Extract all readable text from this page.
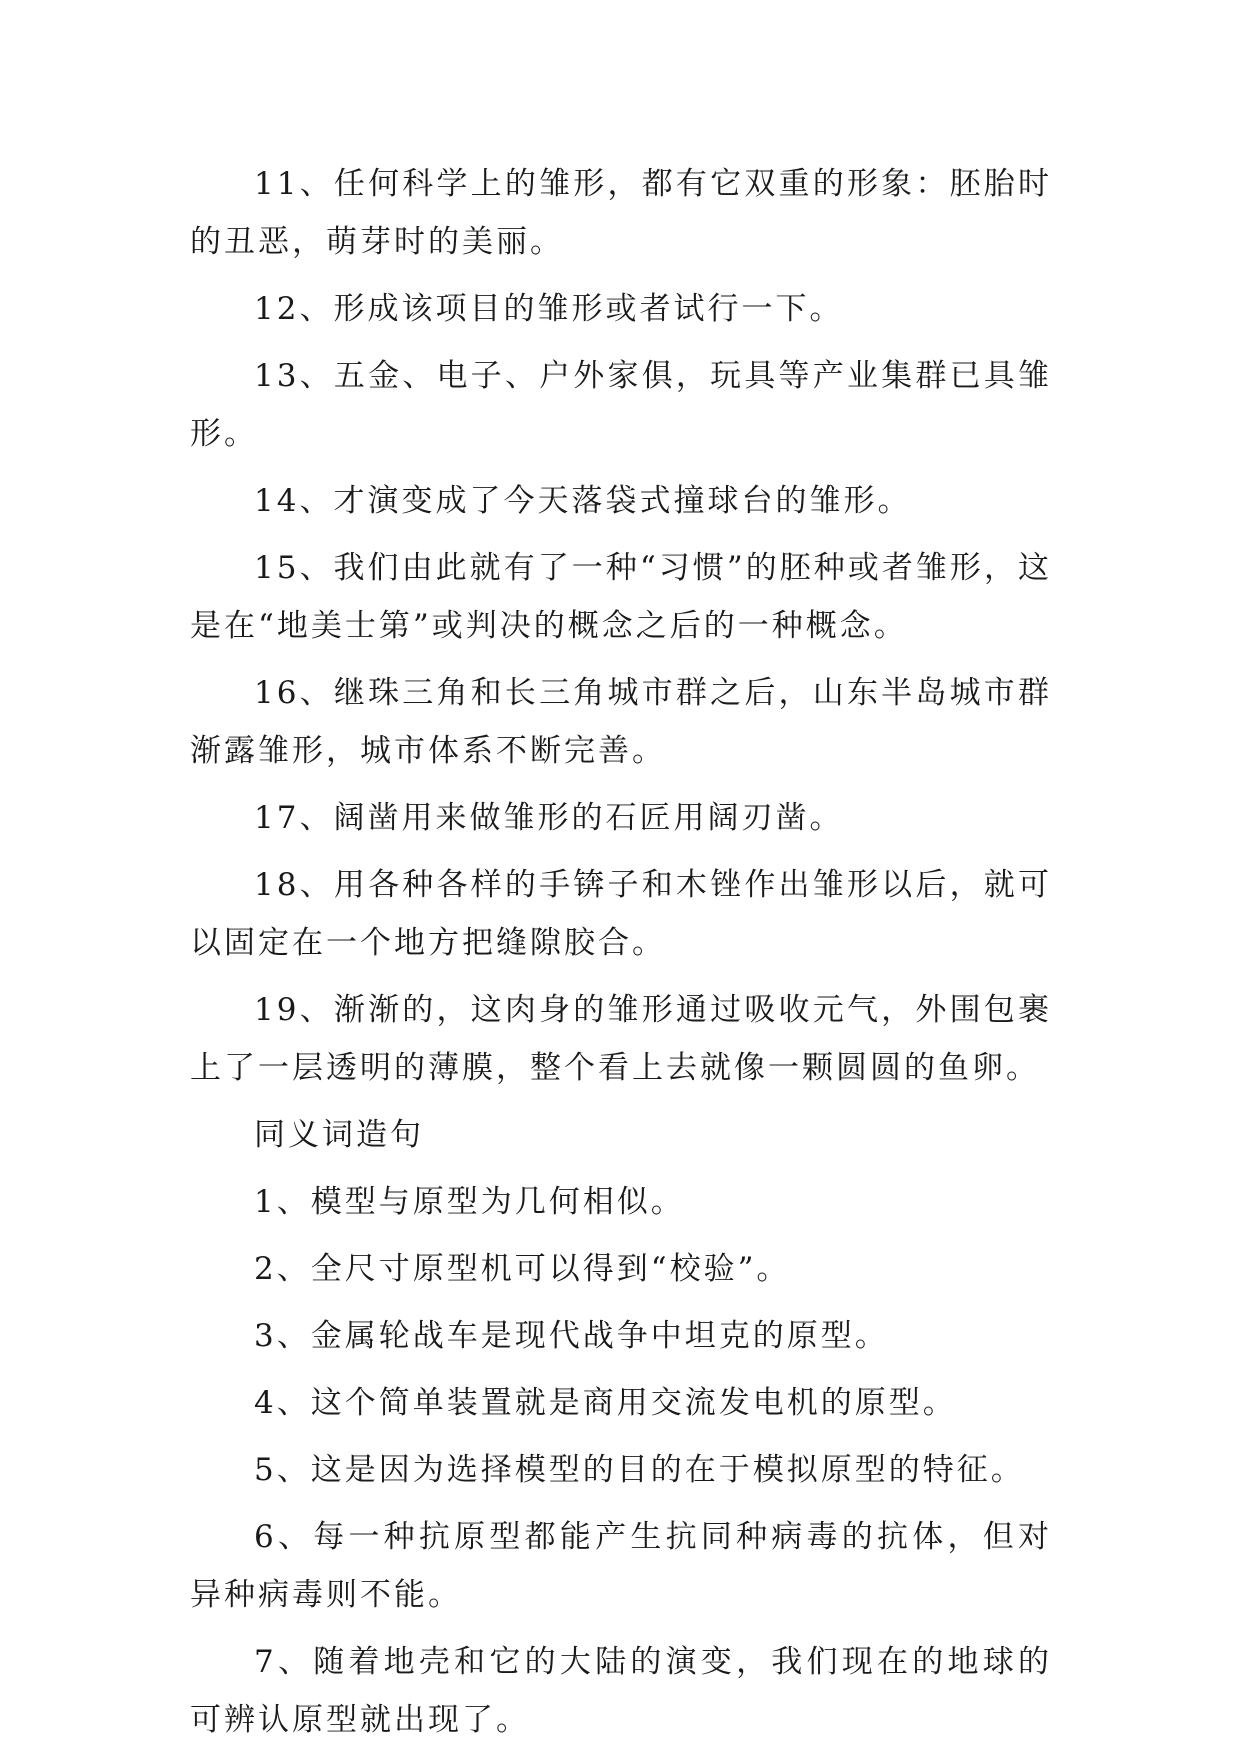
11、任何科学上的雏形，都有它双重的形象：胚胎时的丑恶，萌芽时的美丽。

12、形成该项目的雏形或者试行一下。

13、五金、电子、户外家俱，玩具等产业集群已具雏形。

14、才演变成了今天落袋式撞球台的雏形。

15、我们由此就有了一种“习惯”的胚种或者雏形，这是在“地美士第”或判决的概念之后的一种概念。

16、继珠三角和长三角城市群之后，山东半岛城市群渐露雏形，城市体系不断完善。

17、阔凿用来做雏形的石匠用阔刃凿。

18、用各种各样的手锛子和木锉作出雏形以后，就可以固定在一个地方把缝隙胶合。

19、渐渐的，这肉身的雏形通过吸收元气，外围包裹上了一层透明的薄膜，整个看上去就像一颗圆圆的鱼卵。

同义词造句

1、模型与原型为几何相似。

2、全尺寸原型机可以得到“校验”。

3、金属轮战车是现代战争中坦克的原型。

4、这个简单装置就是商用交流发电机的原型。

5、这是因为选择模型的目的在于模拟原型的特征。

6、每一种抗原型都能产生抗同种病毒的抗体，但对异种病毒则不能。

7、随着地壳和它的大陆的演变，我们现在的地球的可辨认原型就出现了。
